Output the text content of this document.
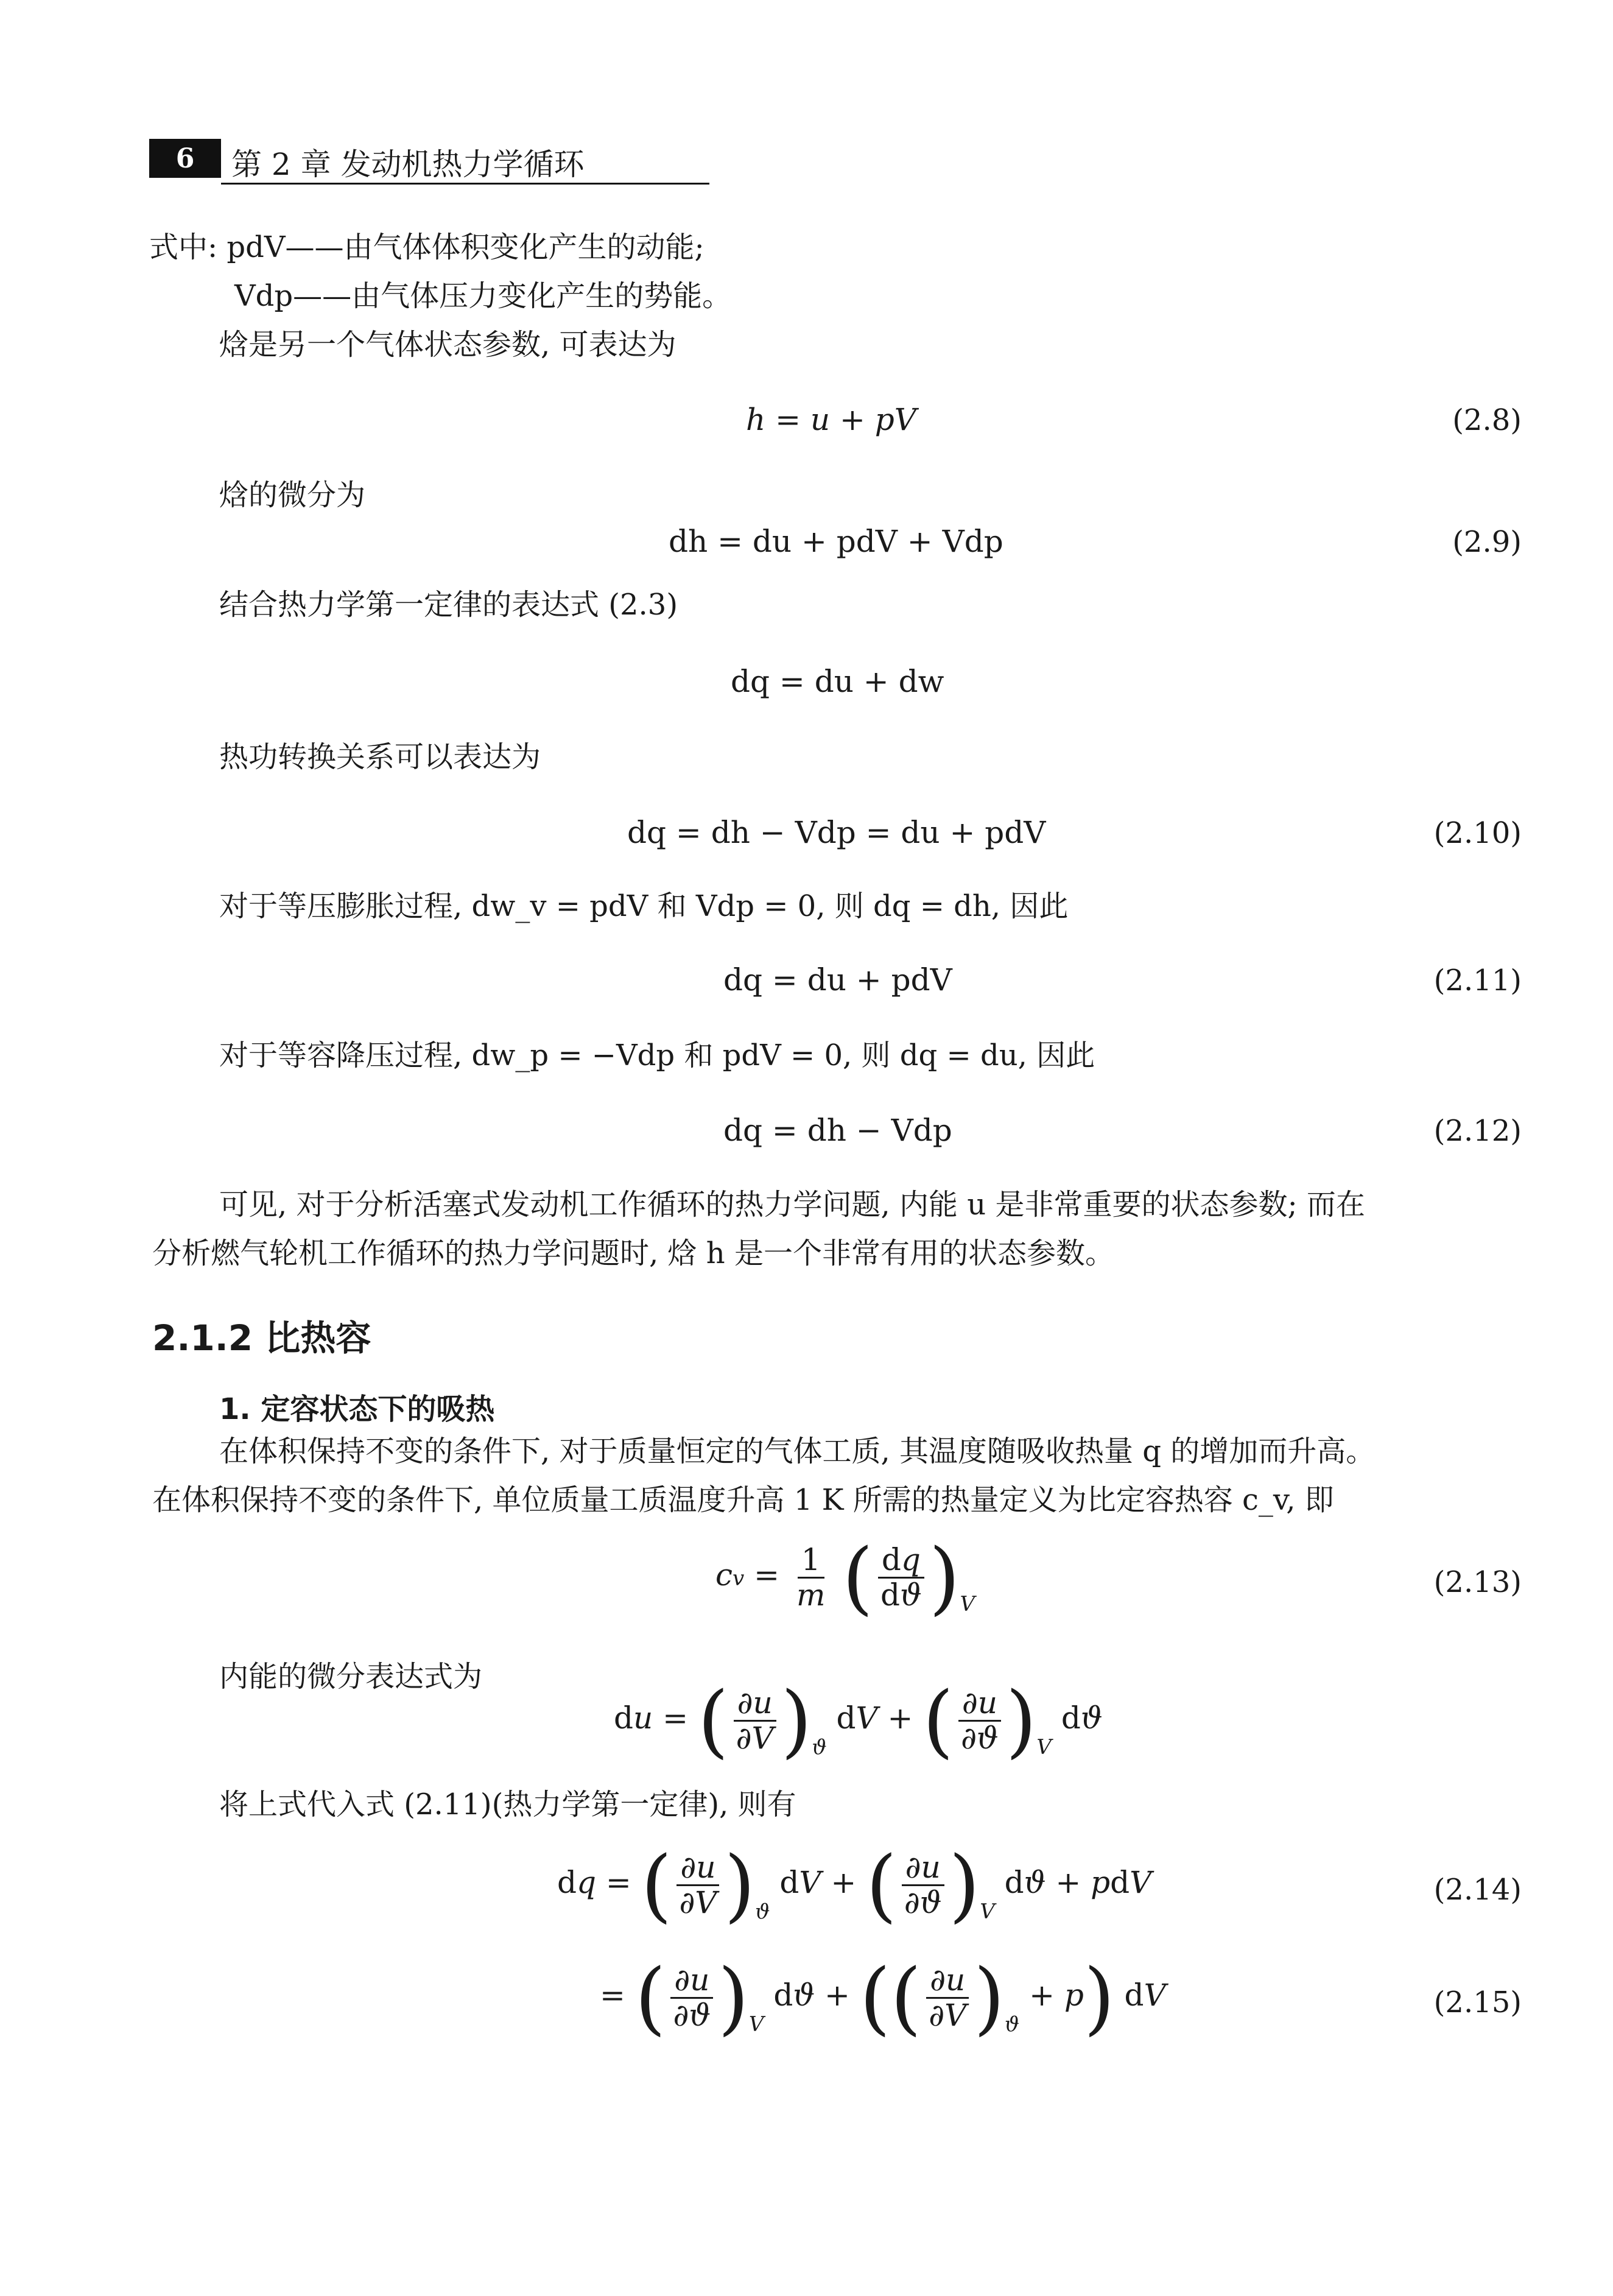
6	第 2 章 发动机热力学循环
式中: pdV——由气体体积变化产生的动能;
Vdp——由气体压力变化产生的势能。
焓是另一个气体状态参数, 可表达为
h = u + pV	(2.8)
焓的微分为
dh = du + pdV + Vdp	(2.9)
结合热力学第一定律的表达式 (2.3)
dq = du + dw
热功转换关系可以表达为
dq = dh − Vdp = du + pdV	(2.10)
对于等压膨胀过程, dw_v = pdV 和 Vdp = 0, 则 dq = dh, 因此
dq = du + pdV	(2.11)
对于等容降压过程, dw_p = −Vdp 和 pdV = 0, 则 dq = du, 因此
dq = dh − Vdp	(2.12)
可见, 对于分析活塞式发动机工作循环的热力学问题, 内能 u 是非常重要的状态参数; 而在
分析燃气轮机工作循环的热力学问题时, 焓 h 是一个非常有用的状态参数。
2.1.2 比热容
1. 定容状态下的吸热
在体积保持不变的条件下, 对于质量恒定的气体工质, 其温度随吸收热量 q 的增加而升高。
在体积保持不变的条件下, 单位质量工质温度升高 1 K 所需的热量定义为比定容热容 c_v, 即
cv = $\frac{1}{m}$ ( $\frac{dq}{dϑ} )_V$
(2.13)
内能的微分表达式为
du = ( $\frac{\partial u}{\partial V} )_ϑ$ dV + ( $\frac{\partial u}{\partial ϑ} )_V$ dϑ
将上式代入式 (2.11)(热力学第一定律), 则有
dq = ( $\frac{\partial u}{\partial V} )_ϑ$ dV + ( $\frac{\partial u}{\partial ϑ} )_V$ dϑ + pdV	(2.14)
= ( $\frac{\partial u}{\partial ϑ} )_V$ dϑ + (( $\frac{\partial u}{\partial V} )_ϑ + p$) dV	(2.15)
